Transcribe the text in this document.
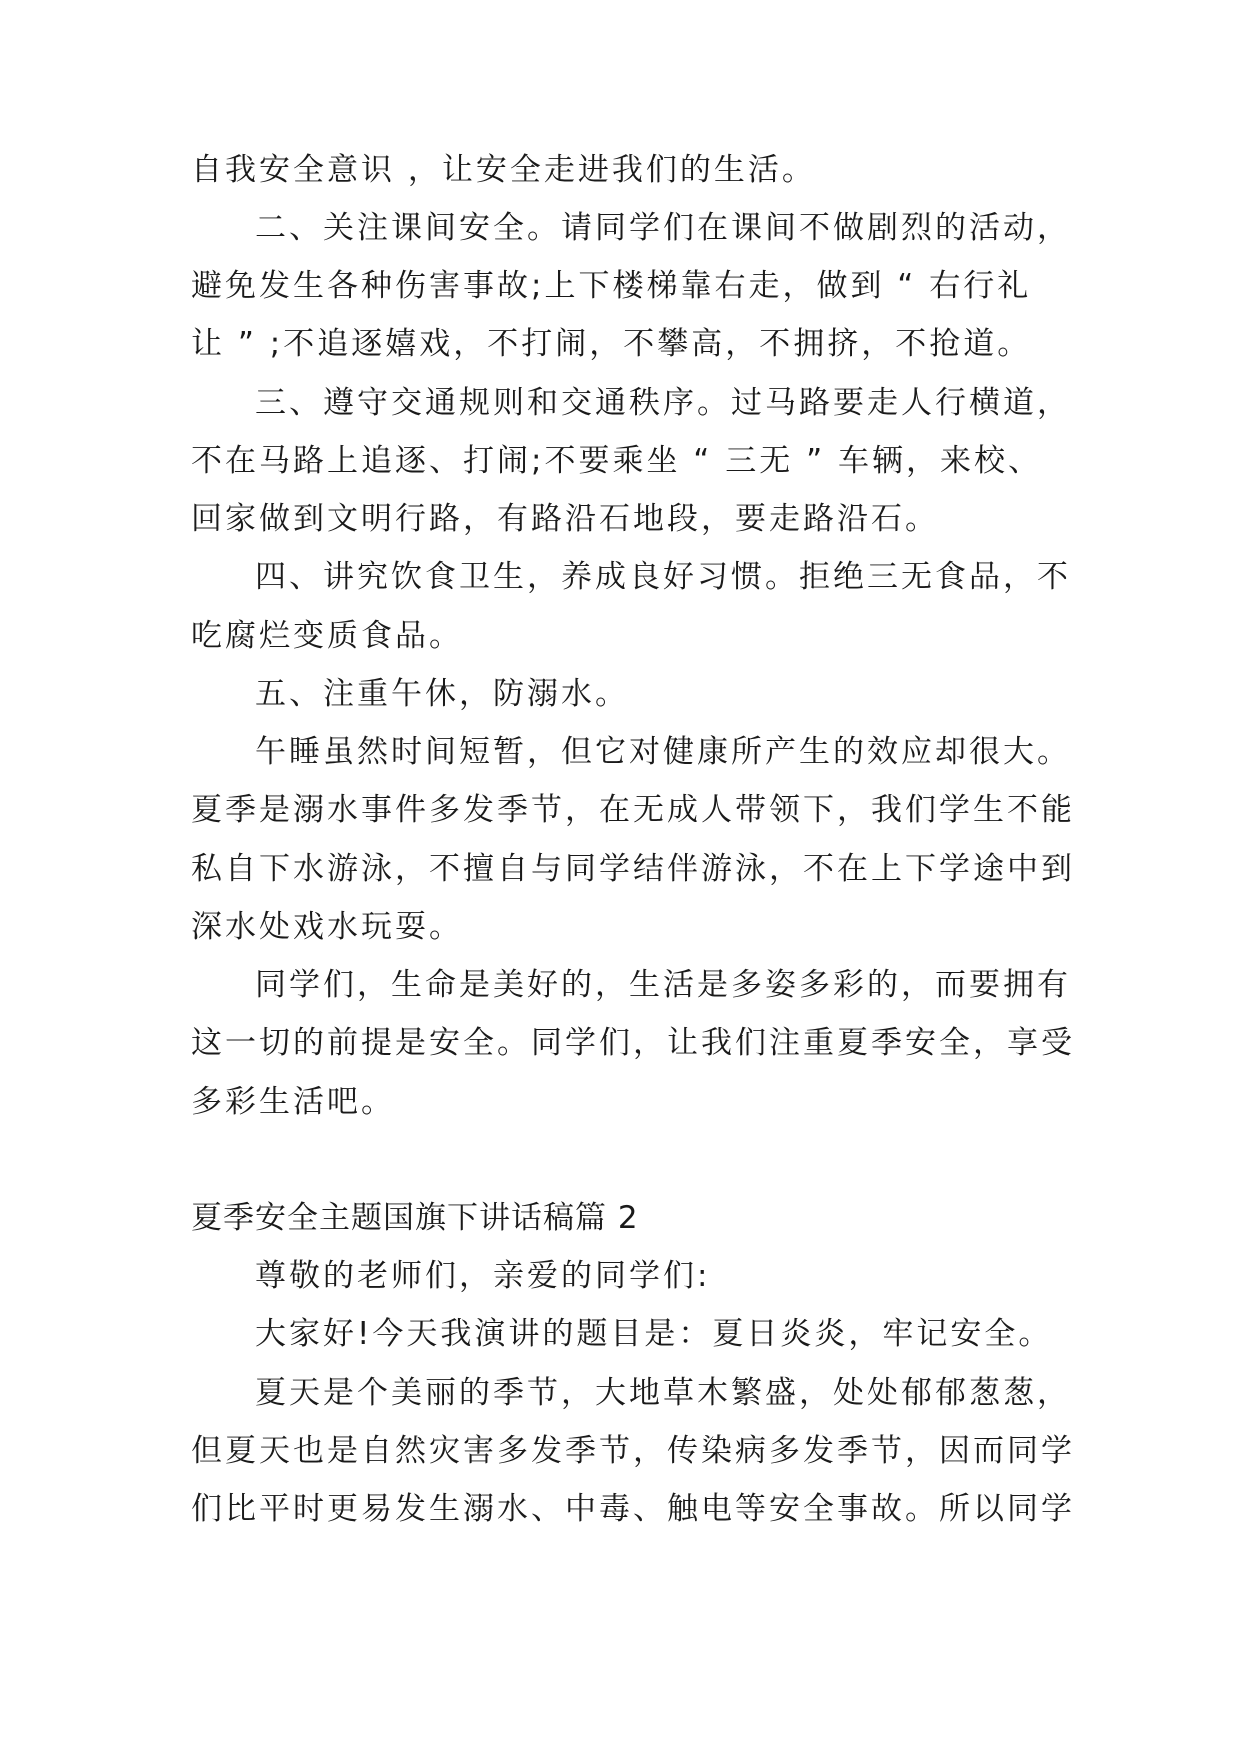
自我安全意识 ，让安全走进我们的生活。
二、关注课间安全。请同学们在课间不做剧烈的活动，
避免发生各种伤害事故;上下楼梯靠右走，做到 “ 右行礼
让 ” ;不追逐嬉戏，不打闹，不攀高，不拥挤，不抢道。
三、遵守交通规则和交通秩序。过马路要走人行横道，
不在马路上追逐、打闹;不要乘坐 “ 三无 ” 车辆，来校、
回家做到文明行路，有路沿石地段，要走路沿石。
四、讲究饮食卫生，养成良好习惯。拒绝三无食品，不
吃腐烂变质食品。
五、注重午休，防溺水。
午睡虽然时间短暂，但它对健康所产生的效应却很大。
夏季是溺水事件多发季节，在无成人带领下，我们学生不能
私自下水游泳，不擅自与同学结伴游泳，不在上下学途中到
深水处戏水玩耍。
同学们，生命是美好的，生活是多姿多彩的，而要拥有
这一切的前提是安全。同学们，让我们注重夏季安全，享受
多彩生活吧。
夏季安全主题国旗下讲话稿篇 2
尊敬的老师们，亲爱的同学们:
大家好!今天我演讲的题目是：夏日炎炎，牢记安全。
夏天是个美丽的季节，大地草木繁盛，处处郁郁葱葱，
但夏天也是自然灾害多发季节，传染病多发季节，因而同学
们比平时更易发生溺水、中毒、触电等安全事故。所以同学
